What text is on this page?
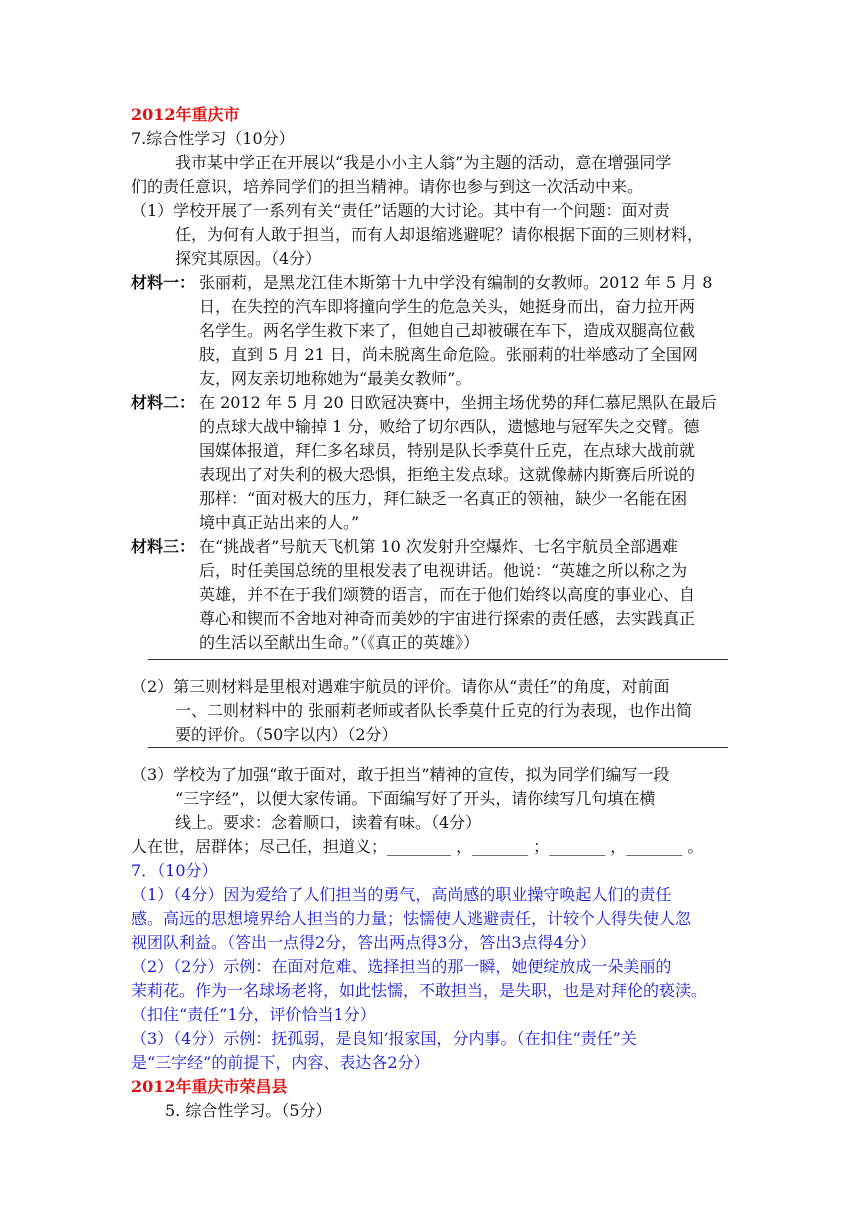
2012年重庆市
7.综合性学习（10分）
我市某中学正在开展以“我是小小主人翁”为主题的活动，意在增强同学
们的责任意识，培养同学们的担当精神。请你也参与到这一次活动中来。
（1）学校开展了一系列有关“责任”话题的大讨论。其中有一个问题：面对责
任，为何有人敢于担当，而有人却退缩逃避呢？请你根据下面的三则材料，
探究其原因。（4分）
材料一： 张丽莉，是黑龙江佳木斯第十九中学没有编制的女教师。2012 年 5 月 8
日，在失控的汽车即将撞向学生的危急关头，她挺身而出，奋力拉开两
名学生。两名学生救下来了，但她自己却被碾在车下，造成双腿高位截
肢，直到 5 月 21 日，尚未脱离生命危险。张丽莉的壮举感动了全国网
友，网友亲切地称她为“最美女教师”。
材料二： 在 2012 年 5 月 20 日欧冠决赛中，坐拥主场优势的拜仁慕尼黑队在最后
的点球大战中输掉 1 分，败给了切尔西队，遗憾地与冠军失之交臂。德
国媒体报道，拜仁多名球员，特别是队长季莫什丘克，在点球大战前就
表现出了对失利的极大恐惧，拒绝主发点球。这就像赫内斯赛后所说的
那样：“面对极大的压力，拜仁缺乏一名真正的领袖，缺少一名能在困
境中真正站出来的人。”
材料三： 在“挑战者”号航天飞机第 10 次发射升空爆炸、七名宇航员全部遇难
后，时任美国总统的里根发表了电视讲话。他说：“英雄之所以称之为
英雄，并不在于我们颂赞的语言，而在于他们始终以高度的事业心、自
尊心和锲而不舍地对神奇而美妙的宇宙进行探索的责任感，去实践真正
的生活以至献出生命。”（《真正的英雄》）
（2）第三则材料是里根对遇难宇航员的评价。请你从“责任”的角度，对前面
一、二则材料中的 张丽莉老师或者队长季莫什丘克的行为表现，也作出简
要的评价。（50字以内）（2分）
（3）学校为了加强“敢于面对，敢于担当”精神的宣传，拟为同学们编写一段
“三字经”，以便大家传诵。下面编写好了开头，请你续写几句填在横
线上。要求：念着顺口，读着有味。（4分）
人在世，居群体；尽己任，担道义；________ ，_______ ；_______ ，_______ 。
7．（10分）
（1）（4分）因为爱给了人们担当的勇气，高尚感的职业操守唤起人们的责任
感。高远的思想境界给人担当的力量；怯懦使人逃避责任，计较个人得失使人忽
视团队利益。（答出一点得2分，答出两点得3分，答出3点得4分）
（2）（2分）示例：在面对危难、选择担当的那一瞬，她便绽放成一朵美丽的
茉莉花。作为一名球场老将，如此怯懦，不敢担当，是失职，也是对拜伦的亵渎。
（扣住“责任”1分，评价恰当1分）
（3）（4分）示例：抚孤弱，是良知‘报家国，分内事。（在扣住“责任”关
是“三字经”的前提下，内容、表达各2分）
2012年重庆市荣昌县
5. 综合性学习。（5分）
